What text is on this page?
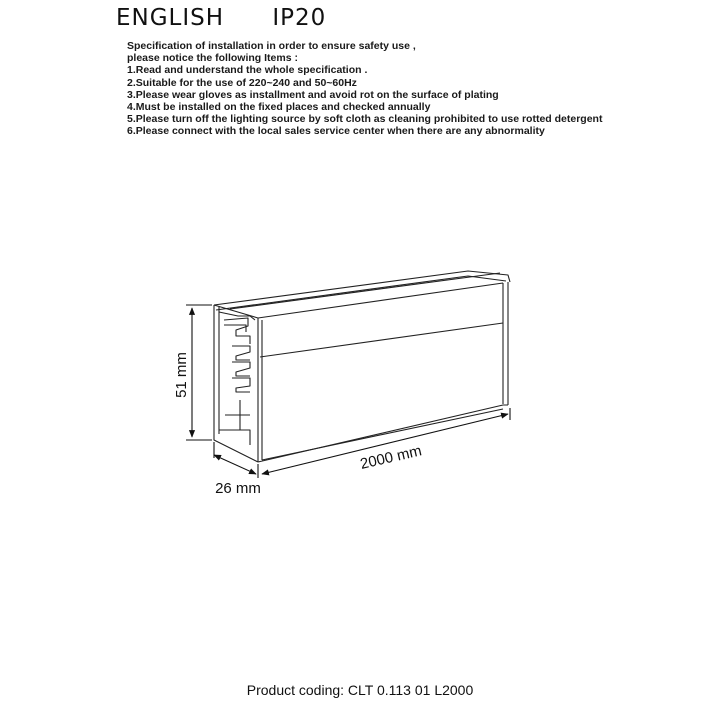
ENGLISH IP20
Specification of installation in order to ensure safety use ,
please notice the following Items :
1.Read and understand the whole specification .
2.Suitable for the use of 220~240 and 50~60Hz
3.Please wear gloves as installment and avoid rot on the surface of plating
4.Must be installed on the fixed places and checked annually
5.Please turn off the lighting source by soft cloth as cleaning prohibited to use rotted detergent
6.Please connect with the local sales service center when there are any abnormality
51 mm
2000 mm
26 mm
Product coding: CLT 0.113 01 L2000
